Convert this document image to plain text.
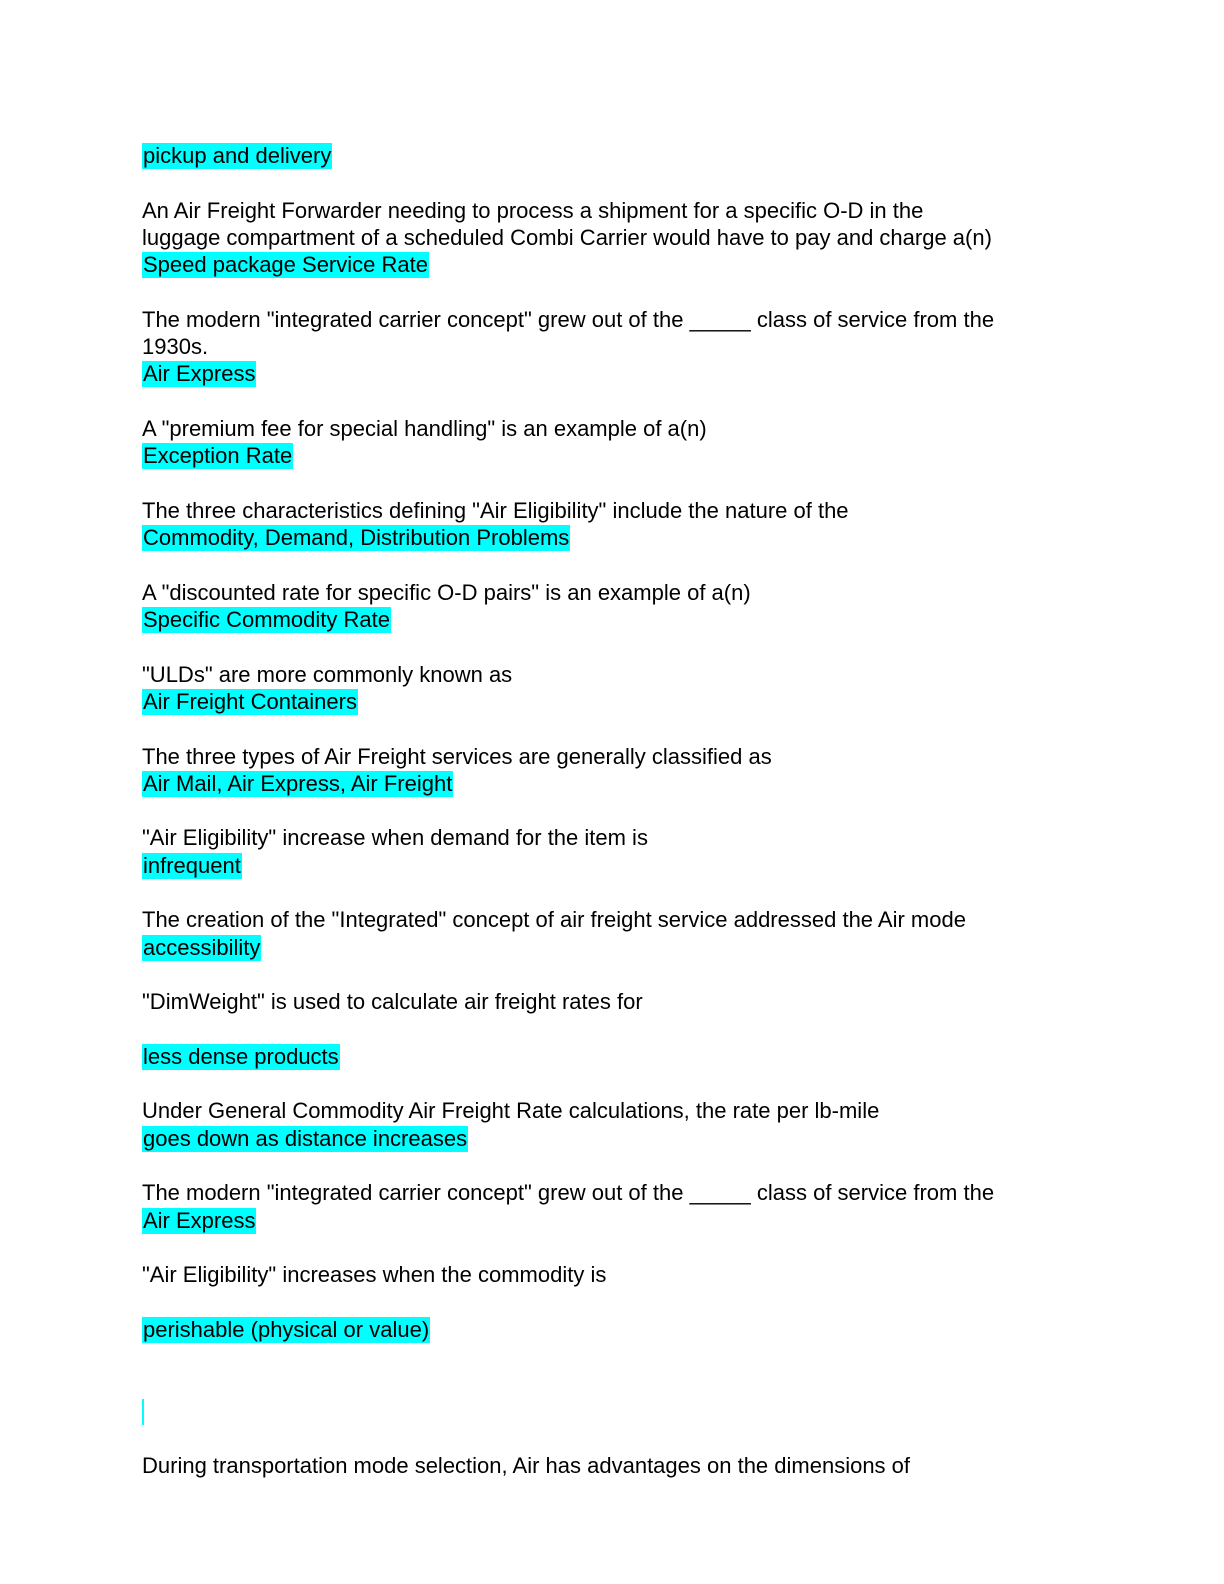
pickup and delivery
An Air Freight Forwarder needing to process a shipment for a specific O-D in the
luggage compartment of a scheduled Combi Carrier would have to pay and charge a(n)
Speed package Service Rate
The modern "integrated carrier concept" grew out of the _____ class of service from the
1930s.
Air Express
A "premium fee for special handling" is an example of a(n)
Exception Rate
The three characteristics defining "Air Eligibility" include the nature of the
Commodity, Demand, Distribution Problems
A "discounted rate for specific O-D pairs" is an example of a(n)
Specific Commodity Rate
"ULDs" are more commonly known as
Air Freight Containers
The three types of Air Freight services are generally classified as
Air Mail, Air Express, Air Freight
"Air Eligibility" increase when demand for the item is
infrequent
The creation of the "Integrated" concept of air freight service addressed the Air mode
accessibility
"DimWeight" is used to calculate air freight rates for
less dense products
Under General Commodity Air Freight Rate calculations, the rate per lb-mile
goes down as distance increases
The modern "integrated carrier concept" grew out of the _____ class of service from the
Air Express
"Air Eligibility" increases when the commodity is
perishable (physical or value)
During transportation mode selection, Air has advantages on the dimensions of
